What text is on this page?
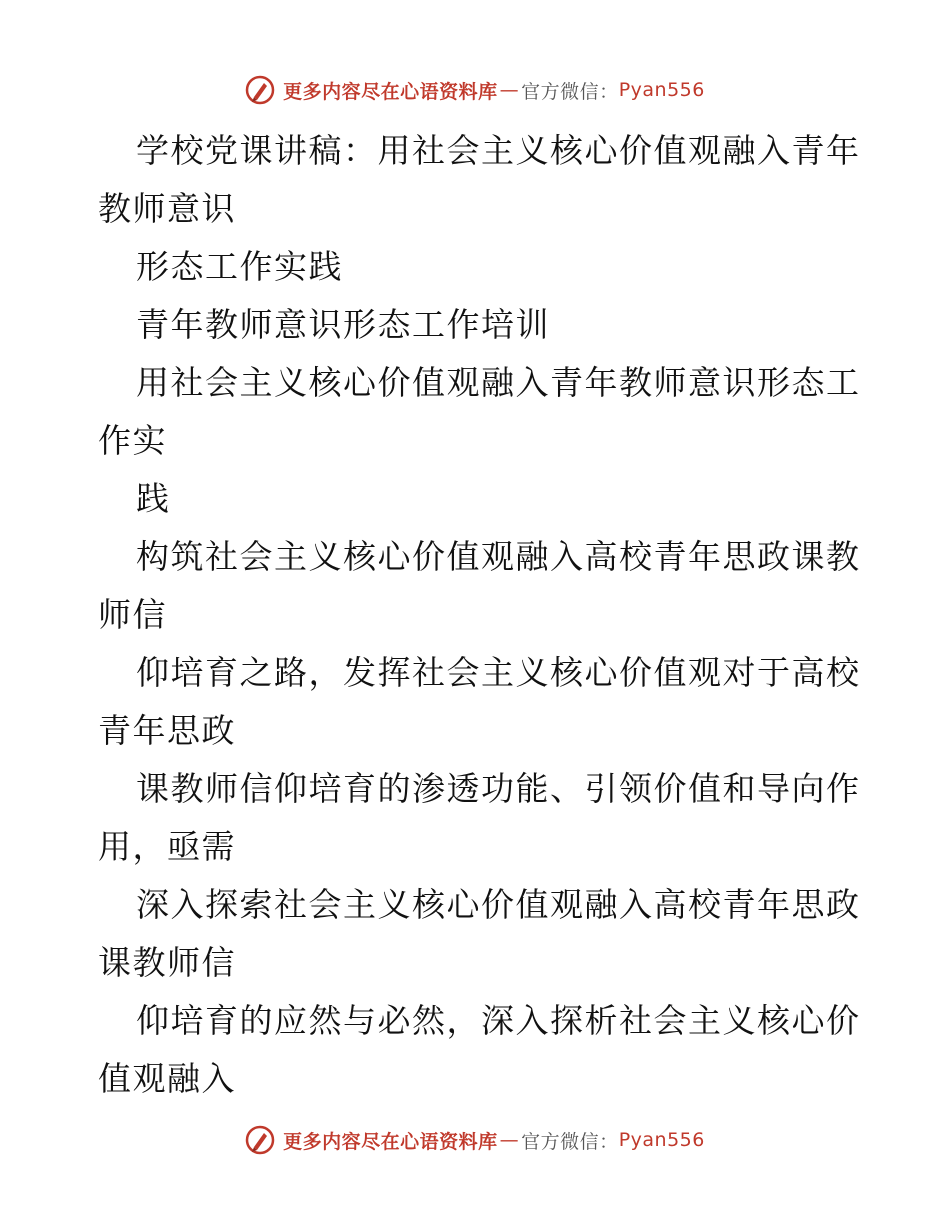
更多内容尽在心语资料库 — 官方微信： Pyan556

学校党课讲稿：用社会主义核心价值观融入青年
教师意识

形态工作实践

青年教师意识形态工作培训

用社会主义核心价值观融入青年教师意识形态工
作实

践

构筑社会主义核心价值观融入高校青年思政课教
师信

仰培育之路，发挥社会主义核心价值观对于高校
青年思政

课教师信仰培育的渗透功能、引领价值和导向作
用，亟需

深入探索社会主义核心价值观融入高校青年思政
课教师信

仰培育的应然与必然，深入探析社会主义核心价
值观融入

更多内容尽在心语资料库 — 官方微信： Pyan556
